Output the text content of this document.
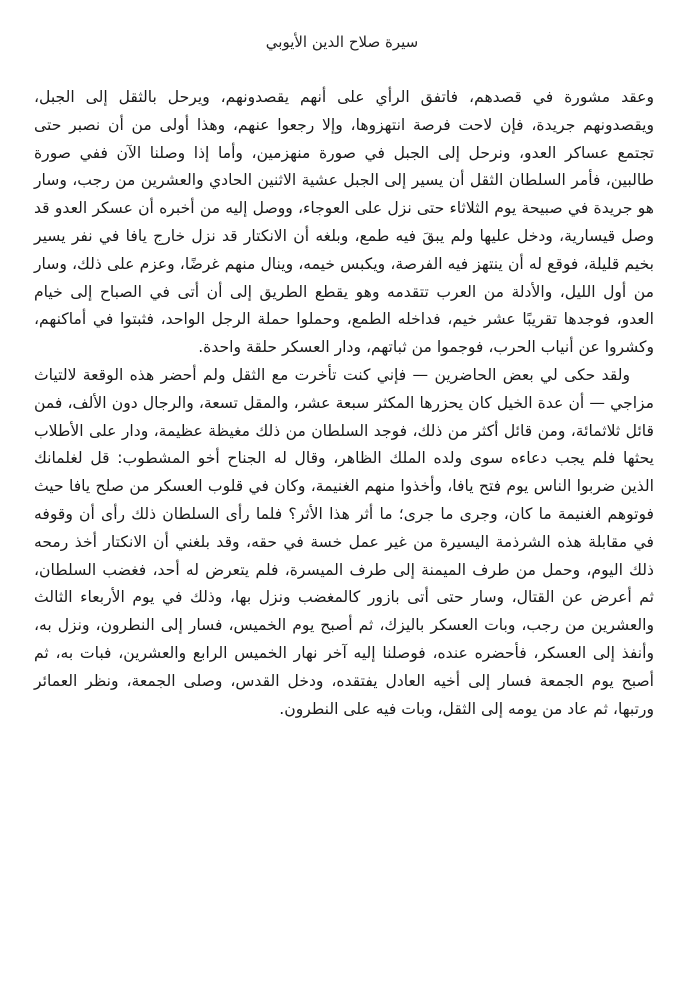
سيرة صلاح الدين الأيوبي

وعقد مشورة في قصدهم، فاتفق الرأي على أنهم يقصدونهم، ويرحل بالثقل إلى الجبل، ويقصدونهم جريدة، فإن لاحت فرصة انتهزوها، وإلا رجعوا عنهم، وهذا أولى من أن نصبر حتى تجتمع عساكر العدو، ونرحل إلى الجبل في صورة منهزمين، وأما إذا وصلنا الآن ففي صورة طالبين، فأمر السلطان الثقل أن يسير إلى الجبل عشية الاثنين الحادي والعشرين من رجب، وسار هو جريدة في صبيحة يوم الثلاثاء حتى نزل على العوجاء، ووصل إليه من أخبره أن عسكر العدو قد وصل قيسارية، ودخل عليها ولم يبقَ فيه طمع، وبلغه أن الانكتار قد نزل خارج يافا في نفر يسير بخيم قليلة، فوقع له أن ينتهز فيه الفرصة، ويكبس خيمه، وينال منهم غرضًا، وعزم على ذلك، وسار من أول الليل، والأدلة من العرب تتقدمه وهو يقطع الطريق إلى أن أتى في الصباح إلى خيام العدو، فوجدها تقريبًا عشر خيم، فداخله الطمع، وحملوا حملة الرجل الواحد، فثبتوا في أماكنهم، وكشروا عن أنياب الحرب، فوجموا من ثباتهم، ودار العسكر حلقة واحدة.

ولقد حكى لي بعض الحاضرين — فإني كنت تأخرت مع الثقل ولم أحضر هذه الوقعة لالتياث مزاجي — أن عدة الخيل كان يحزرها المكثر سبعة عشر، والمقل تسعة، والرجال دون الألف، فمن قائل ثلاثمائة، ومن قائل أكثر من ذلك، فوجد السلطان من ذلك مغيظة عظيمة، ودار على الأطلاب يحثها فلم يجب دعاءه سوى ولده الملك الظاهر، وقال له الجناح أخو المشطوب: قل لغلمانك الذين ضربوا الناس يوم فتح يافا، وأخذوا منهم الغنيمة، وكان في قلوب العسكر من صلح يافا حيث فوتوهم الغنيمة ما كان، وجرى ما جرى؛ ما أثر هذا الأثر؟ فلما رأى السلطان ذلك رأى أن وقوفه في مقابلة هذه الشرذمة اليسيرة من غير عمل خسة في حقه، وقد بلغني أن الانكتار أخذ رمحه ذلك اليوم، وحمل من طرف الميمنة إلى طرف الميسرة، فلم يتعرض له أحد، فغضب السلطان، ثم أعرض عن القتال، وسار حتى أتى بازور كالمغضب ونزل بها، وذلك في يوم الأربعاء الثالث والعشرين من رجب، وبات العسكر باليزك، ثم أصبح يوم الخميس، فسار إلى النطرون، ونزل به، وأنفذ إلى العسكر، فأحضره عنده، فوصلنا إليه آخر نهار الخميس الرابع والعشرين، فبات به، ثم أصبح يوم الجمعة فسار إلى أخيه العادل يفتقده، ودخل القدس، وصلى الجمعة، ونظر العمائر ورتبها، ثم عاد من يومه إلى الثقل، وبات فيه على النطرون.
